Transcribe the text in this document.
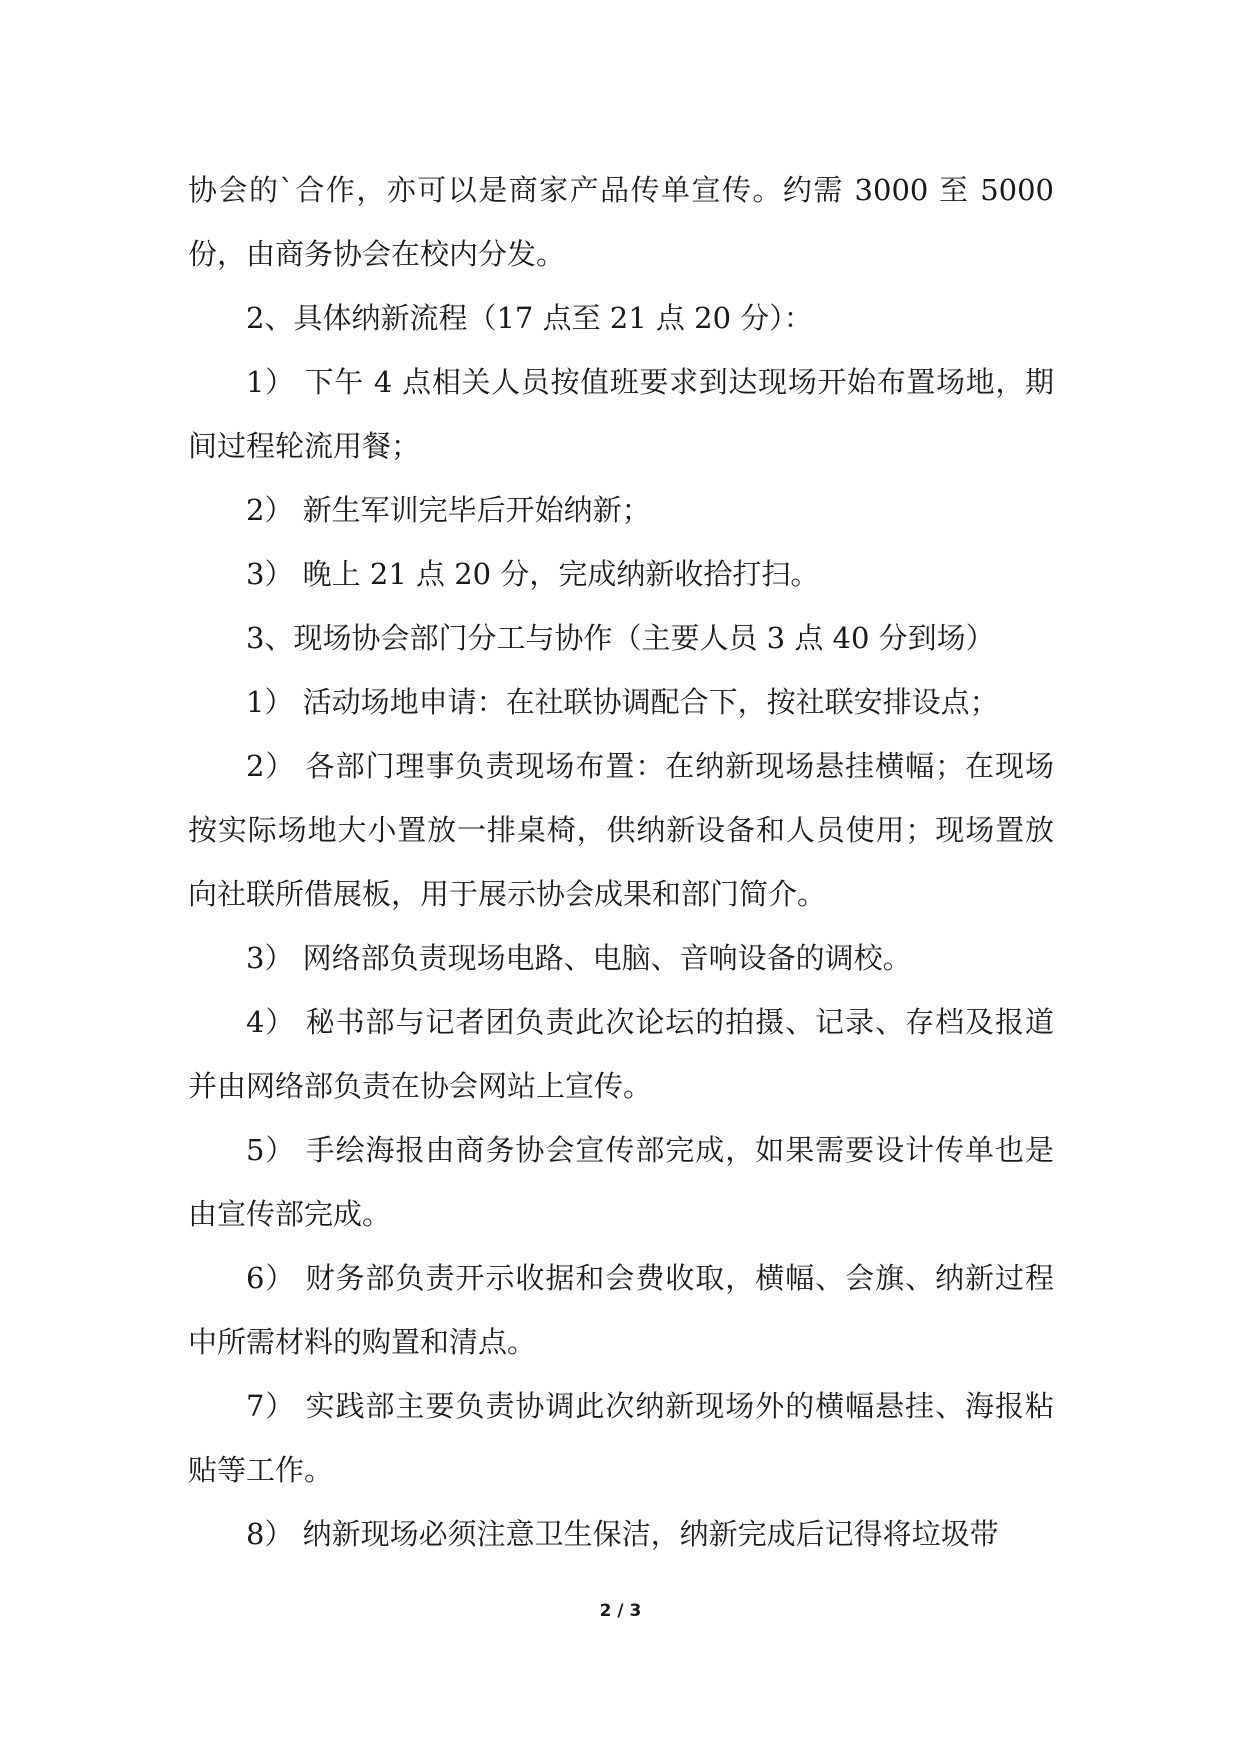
协会的`合作，亦可以是商家产品传单宣传。约需 3000 至 5000 份，由商务协会在校内分发。

2、具体纳新流程（17 点至 21 点 20 分）：

1） 下午 4 点相关人员按值班要求到达现场开始布置场地，期间过程轮流用餐；

2） 新生军训完毕后开始纳新；

3） 晚上 21 点 20 分，完成纳新收拾打扫。

3、现场协会部门分工与协作（主要人员 3 点 40 分到场）

1） 活动场地申请：在社联协调配合下，按社联安排设点；

2） 各部门理事负责现场布置：在纳新现场悬挂横幅；在现场按实际场地大小置放一排桌椅，供纳新设备和人员使用；现场置放向社联所借展板，用于展示协会成果和部门简介。

3） 网络部负责现场电路、电脑、音响设备的调校。

4） 秘书部与记者团负责此次论坛的拍摄、记录、存档及报道并由网络部负责在协会网站上宣传。

5） 手绘海报由商务协会宣传部完成，如果需要设计传单也是由宣传部完成。

6） 财务部负责开示收据和会费收取，横幅、会旗、纳新过程中所需材料的购置和清点。

7） 实践部主要负责协调此次纳新现场外的横幅悬挂、海报粘贴等工作。

8） 纳新现场必须注意卫生保洁，纳新完成后记得将垃圾带

2 / 3
